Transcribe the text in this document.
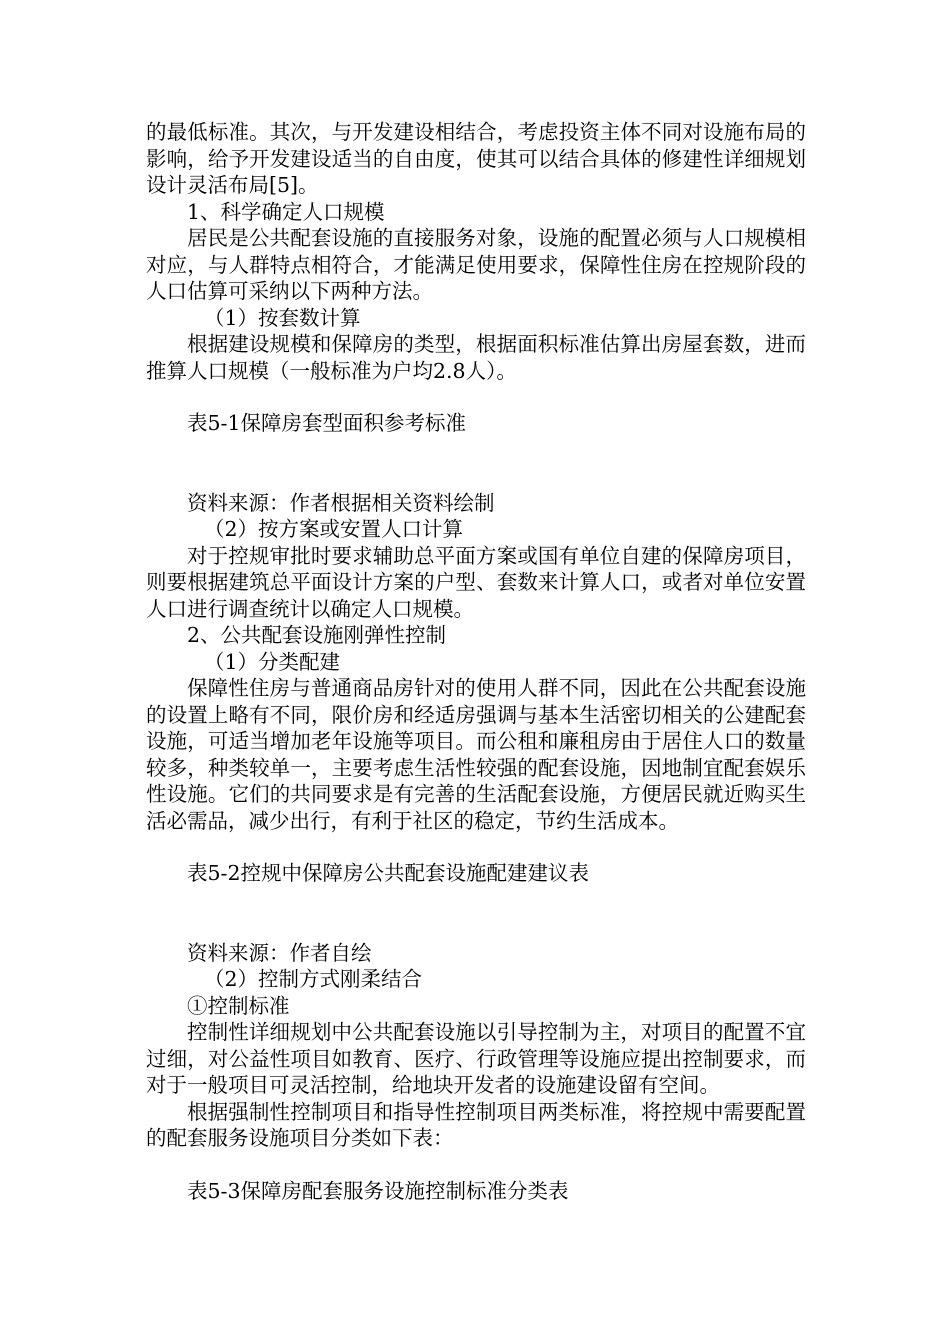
的最低标准。其次，与开发建设相结合，考虑投资主体不同对设施布局的影响，给予开发建设适当的自由度，使其可以结合具体的修建性详细规划设计灵活布局[5]。

1、科学确定人口规模

居民是公共配套设施的直接服务对象，设施的配置必须与人口规模相对应，与人群特点相符合，才能满足使用要求，保障性住房在控规阶段的人口估算可采纳以下两种方法。

（1）按套数计算

根据建设规模和保障房的类型，根据面积标准估算出房屋套数，进而推算人口规模（一般标准为户均2.8人）。

表5-1保障房套型面积参考标准

资料来源：作者根据相关资料绘制

（2）按方案或安置人口计算

对于控规审批时要求辅助总平面方案或国有单位自建的保障房项目，则要根据建筑总平面设计方案的户型、套数来计算人口，或者对单位安置人口进行调查统计以确定人口规模。

2、公共配套设施刚弹性控制

（1）分类配建

保障性住房与普通商品房针对的使用人群不同，因此在公共配套设施的设置上略有不同，限价房和经适房强调与基本生活密切相关的公建配套设施，可适当增加老年设施等项目。而公租和廉租房由于居住人口的数量较多，种类较单一，主要考虑生活性较强的配套设施，因地制宜配套娱乐性设施。它们的共同要求是有完善的生活配套设施，方便居民就近购买生活必需品，减少出行，有利于社区的稳定，节约生活成本。

表5-2控规中保障房公共配套设施配建建议表

资料来源：作者自绘

（2）控制方式刚柔结合

①控制标准

控制性详细规划中公共配套设施以引导控制为主，对项目的配置不宜过细，对公益性项目如教育、医疗、行政管理等设施应提出控制要求，而对于一般项目可灵活控制，给地块开发者的设施建设留有空间。

根据强制性控制项目和指导性控制项目两类标准，将控规中需要配置的配套服务设施项目分类如下表：

表5-3保障房配套服务设施控制标准分类表
